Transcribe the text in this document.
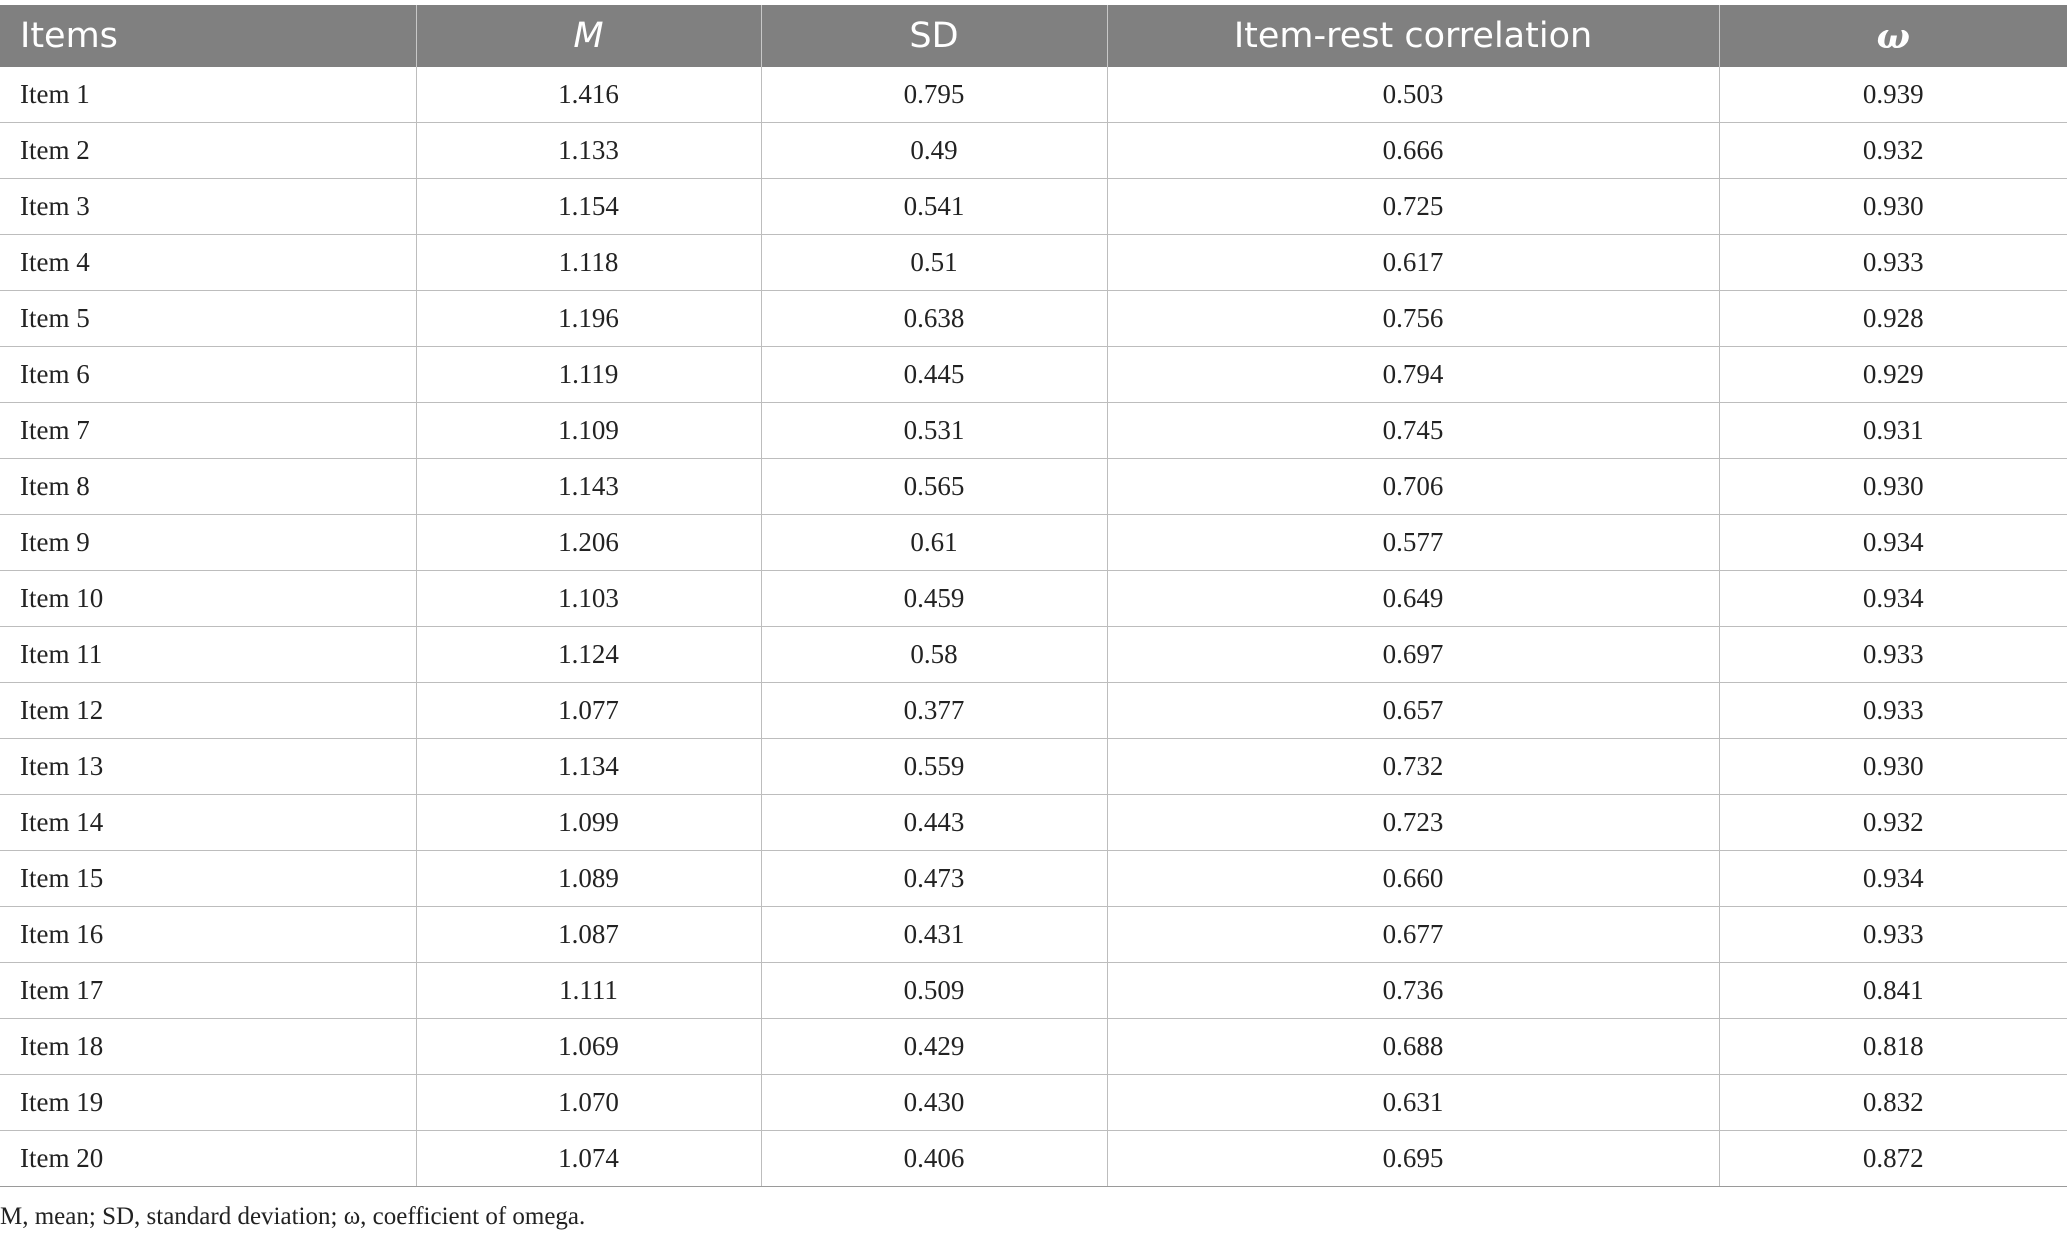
Items	M	SD	Item-rest correlation	ω
Item 1	1.416	0.795	0.503	0.939
Item 2	1.133	0.49	0.666	0.932
Item 3	1.154	0.541	0.725	0.930
Item 4	1.118	0.51	0.617	0.933
Item 5	1.196	0.638	0.756	0.928
Item 6	1.119	0.445	0.794	0.929
Item 7	1.109	0.531	0.745	0.931
Item 8	1.143	0.565	0.706	0.930
Item 9	1.206	0.61	0.577	0.934
Item 10	1.103	0.459	0.649	0.934
Item 11	1.124	0.58	0.697	0.933
Item 12	1.077	0.377	0.657	0.933
Item 13	1.134	0.559	0.732	0.930
Item 14	1.099	0.443	0.723	0.932
Item 15	1.089	0.473	0.660	0.934
Item 16	1.087	0.431	0.677	0.933
Item 17	1.111	0.509	0.736	0.841
Item 18	1.069	0.429	0.688	0.818
Item 19	1.070	0.430	0.631	0.832
Item 20	1.074	0.406	0.695	0.872

M, mean; SD, standard deviation; ω, coefficient of omega.
